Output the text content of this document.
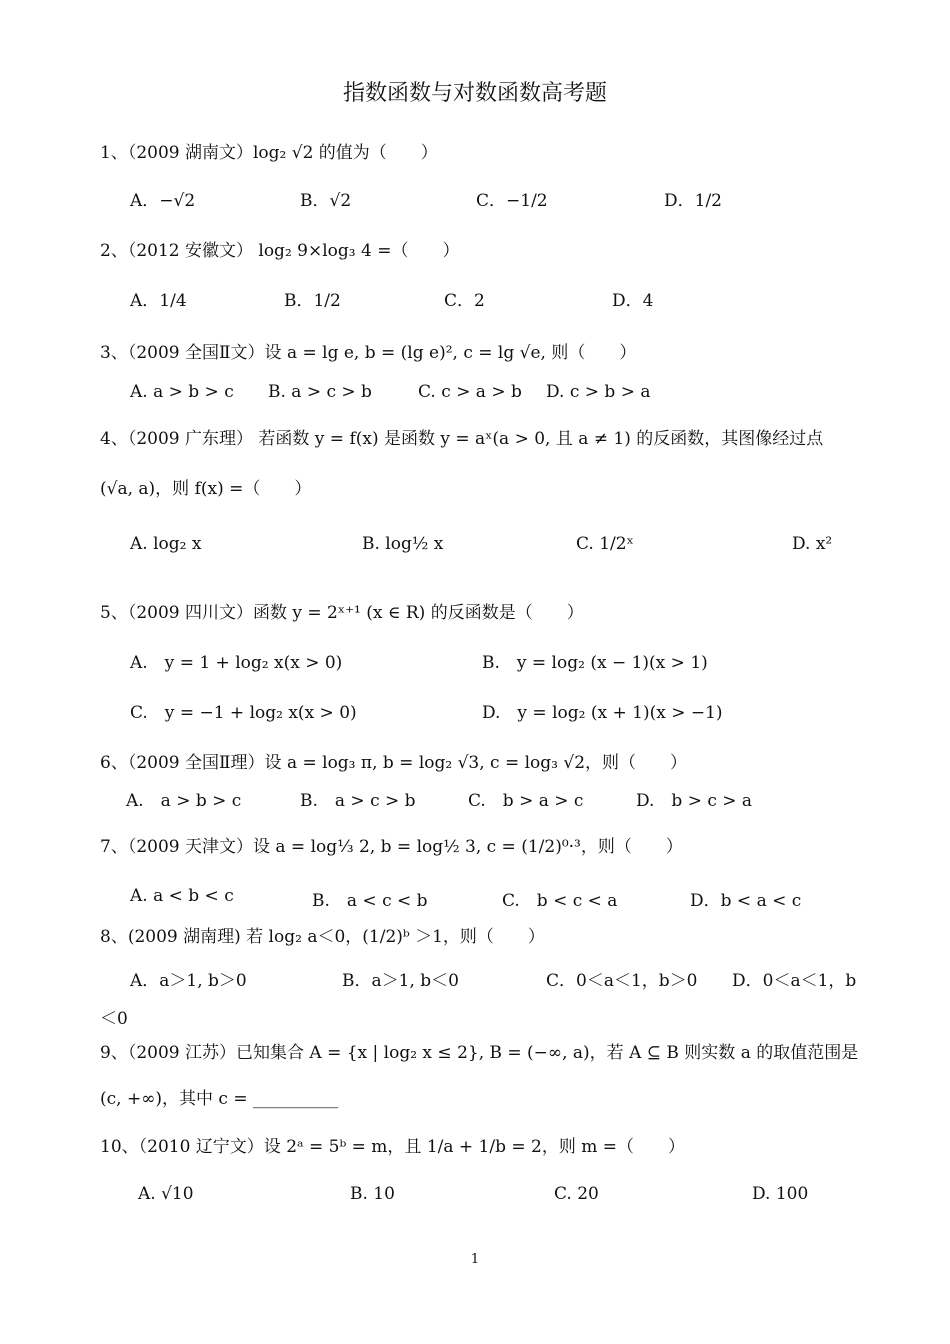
指数函数与对数函数高考题
1、（2009 湖南文）log₂ √2 的值为（　　）
A．−√2	B．√2	C．−1/2	D．1/2
2、（2012 安徽文） log₂ 9×log₃ 4 =（　　）
A．1/4	B．1/2	C．2	D．4
3、（2009 全国Ⅱ文）设 a = lg e, b = (lg e)², c = lg √e, 则（　　）
A. a > b > c B. a > c > b	C. c > a > b D. c > b > a
4、（2009 广东理） 若函数 y = f(x) 是函数 y = aˣ(a > 0, 且 a ≠ 1) 的反函数，其图像经过点
(√a, a)，则 f(x) =（　　）
A. log₂ x	B. log½ x	C. 1/2ˣ	D. x²
5、（2009 四川文）函数 y = 2ˣ⁺¹ (x ∈ R) 的反函数是（　　）
A.　y = 1 + log₂ x(x > 0)	B.　y = log₂ (x − 1)(x > 1)
C.　y = −1 + log₂ x(x > 0)	D.　y = log₂ (x + 1)(x > −1)
6、（2009 全国Ⅱ理）设 a = log₃ π, b = log₂ √3, c = log₃ √2，则（　　）
A.　a > b > c	B.　a > c > b	C.　b > a > c	D.　b > c > a
7、（2009 天津文）设 a = log⅓ 2, b = log½ 3, c = (1/2)⁰·³，则（　　）
A. a < b < c	B.　a < c < b	C.　b < c < a	D．b < a < c
8、(2009 湖南理) 若 log₂ a＜0，(1/2)ᵇ ＞1，则（　　）
A．a＞1, b＞0	B．a＞1, b＜0	C．0＜a＜1，b＞0 D．0＜a＜1，b
＜0
9、（2009 江苏）已知集合 A = {x | log₂ x ≤ 2}, B = (−∞, a)，若 A ⊆ B 则实数 a 的取值范围是
(c, +∞)，其中 c = __________
10、（2010 辽宁文）设 2ᵃ = 5ᵇ = m，且 1/a + 1/b = 2，则 m =（　　）
A. √10	B. 10	C. 20	D. 100
1
